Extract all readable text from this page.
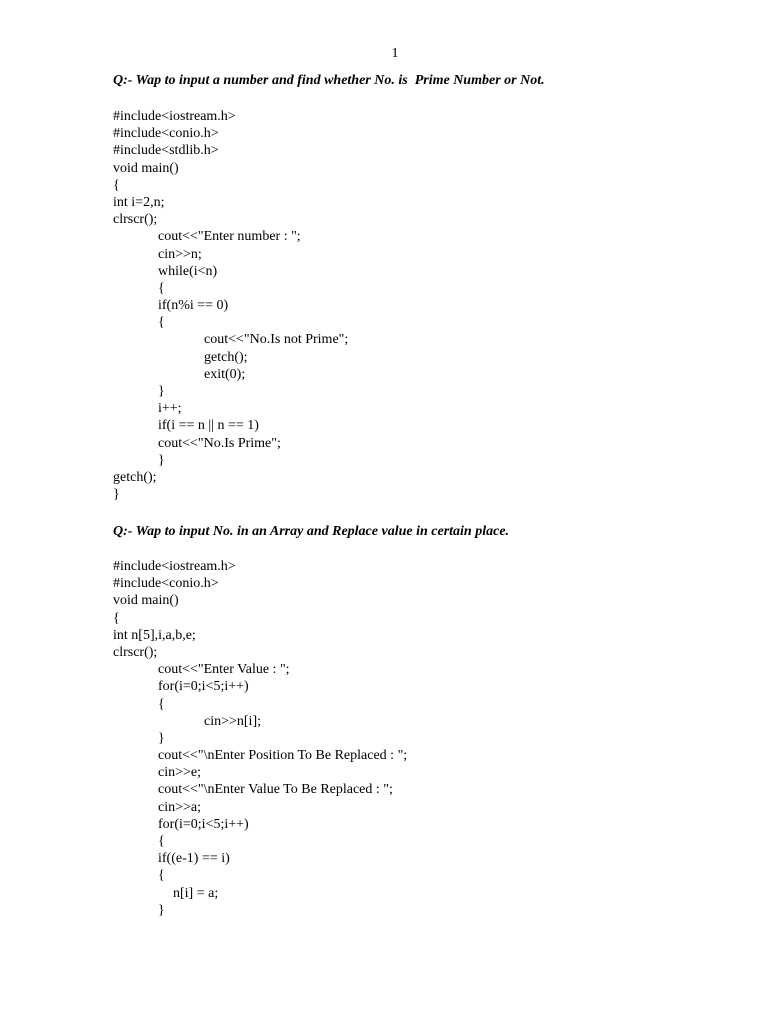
1
Q:- Wap to input a number and find whether No. is  Prime Number or Not.
#include<iostream.h>
#include<conio.h>
#include<stdlib.h>
void main()
{
int i=2,n;
clrscr();
cout<<"Enter number : ";
cin>>n;
while(i<n)
{
if(n%i == 0)
{
cout<<"No.Is not Prime";
getch();
exit(0);
}
i++;
if(i == n || n == 1)
cout<<"No.Is Prime";
}
getch();
}
Q:- Wap to input No. in an Array and Replace value in certain place.
#include<iostream.h>
#include<conio.h>
void main()
{
int n[5],i,a,b,e;
clrscr();
cout<<"Enter Value : ";
for(i=0;i<5;i++)
{
cin>>n[i];
}
cout<<"\nEnter Position To Be Replaced : ";
cin>>e;
cout<<"\nEnter Value To Be Replaced : ";
cin>>a;
for(i=0;i<5;i++)
{
if((e-1) == i)
{
n[i] = a;
}
